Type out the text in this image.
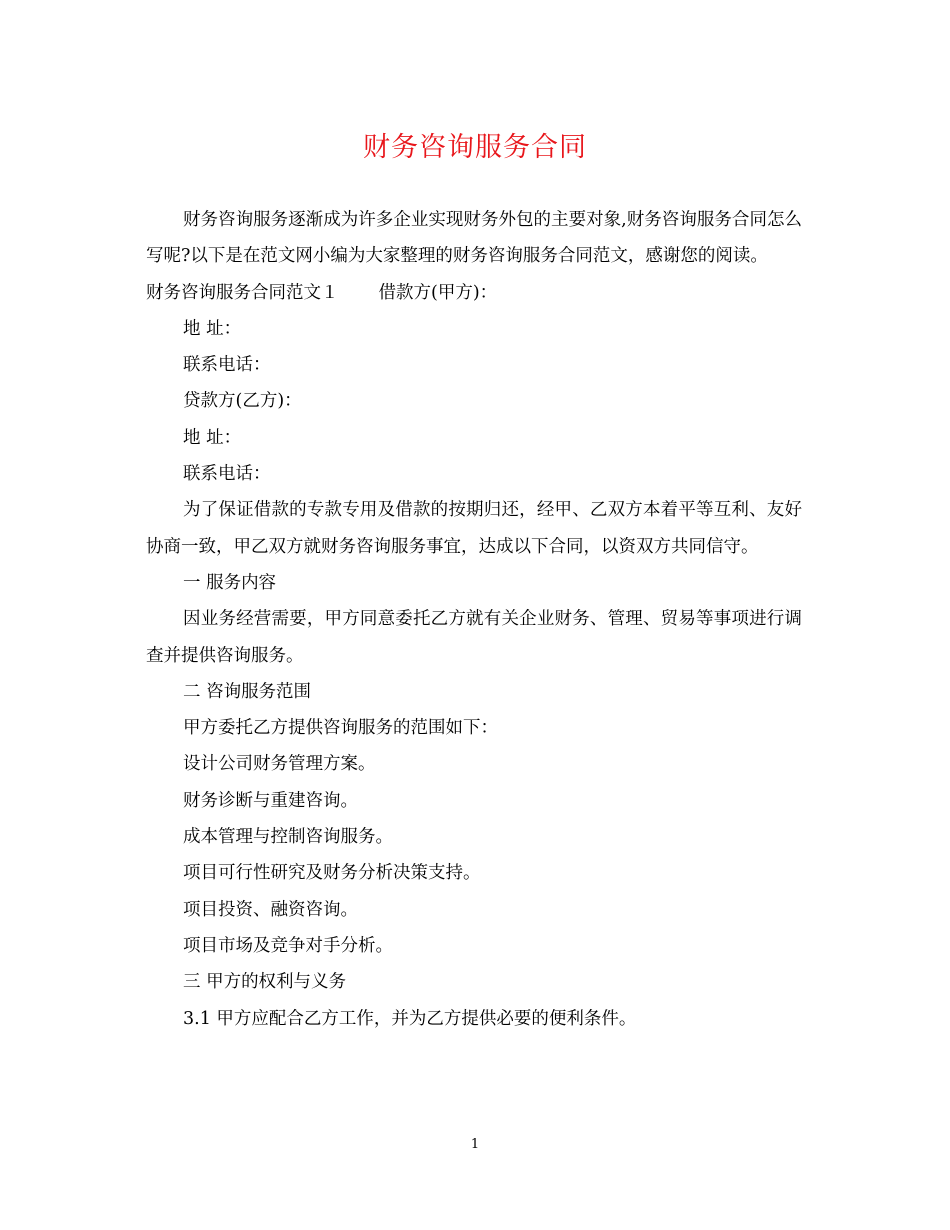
财务咨询服务合同

财务咨询服务逐渐成为许多企业实现财务外包的主要对象,财务咨询服务合同怎么写呢?以下是在范文网小编为大家整理的财务咨询服务合同范文，感谢您的阅读。

财务咨询服务合同范文１ 借款方(甲方)：

地 址：

联系电话：

贷款方(乙方)：

地 址：

联系电话：

为了保证借款的专款专用及借款的按期归还，经甲、乙双方本着平等互利、友好协商一致，甲乙双方就财务咨询服务事宜，达成以下合同，以资双方共同信守。

一 服务内容

因业务经营需要，甲方同意委托乙方就有关企业财务、管理、贸易等事项进行调查并提供咨询服务。

二 咨询服务范围

甲方委托乙方提供咨询服务的范围如下：

设计公司财务管理方案。

财务诊断与重建咨询。

成本管理与控制咨询服务。

项目可行性研究及财务分析决策支持。

项目投资、融资咨询。

项目市场及竞争对手分析。

三 甲方的权利与义务

3.1 甲方应配合乙方工作，并为乙方提供必要的便利条件。

1
